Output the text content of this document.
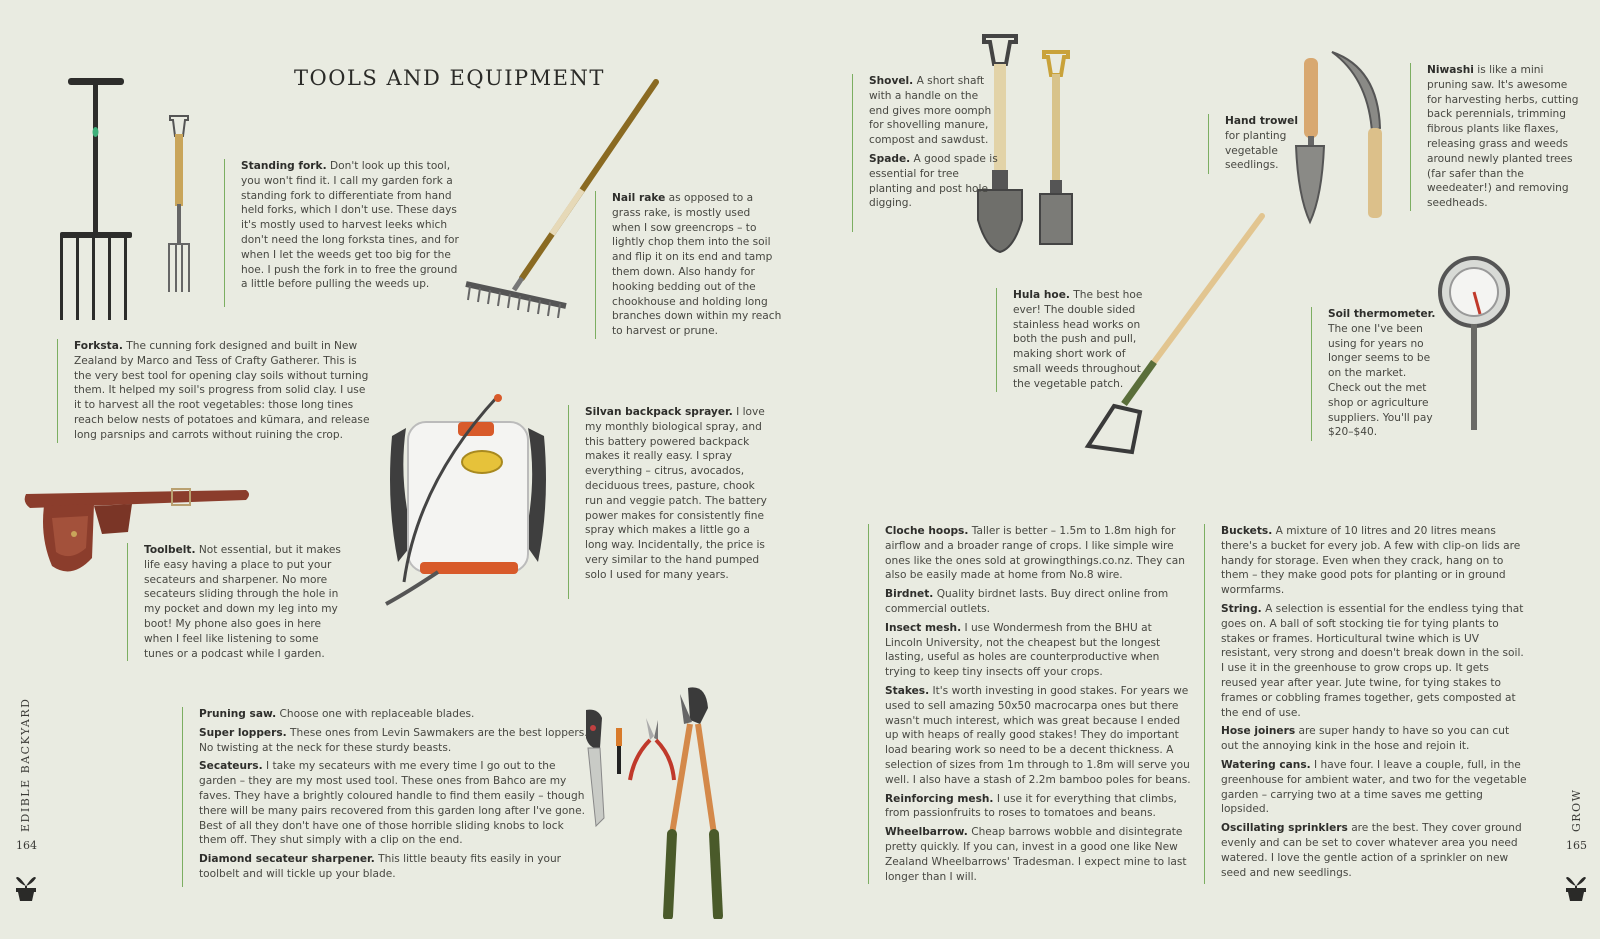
TOOLS AND EQUIPMENT

Standing fork. Don't look up this tool, you won't find it. I call my garden fork a standing fork to differentiate from hand held forks, which I don't use. These days it's mostly used to harvest leeks which don't need the long forksta tines, and for when I let the weeds get too big for the hoe. I push the fork in to free the ground a little before pulling the weeds up.

Nail rake as opposed to a grass rake, is mostly used when I sow greencrops – to lightly chop them into the soil and flip it on its end and tamp them down. Also handy for hooking bedding out of the chookhouse and holding long branches down within my reach to harvest or prune.

Forksta. The cunning fork designed and built in New Zealand by Marco and Tess of Crafty Gatherer. This is the very best tool for opening clay soils without turning them. It helped my soil's progress from solid clay. I use it to harvest all the root vegetables: those long tines reach below nests of potatoes and kūmara, and release long parsnips and carrots without ruining the crop.

Silvan backpack sprayer. I love my monthly biological spray, and this battery powered backpack makes it really easy. I spray everything – citrus, avocados, deciduous trees, pasture, chook run and veggie patch. The battery power makes for consistently fine spray which makes a little go a long way. Incidentally, the price is very similar to the hand pumped solo I used for many years.

Toolbelt. Not essential, but it makes life easy having a place to put your secateurs and sharpener. No more secateurs sliding through the hole in my pocket and down my leg into my boot! My phone also goes in here when I feel like listening to some tunes or a podcast while I garden.

Pruning saw. Choose one with replaceable blades.

Super loppers. These ones from Levin Sawmakers are the best loppers. No twisting at the neck for these sturdy beasts.

Secateurs. I take my secateurs with me every time I go out to the garden – they are my most used tool. These ones from Bahco are my faves. They have a brightly coloured handle to find them easily – though there will be many pairs recovered from this garden long after I've gone. Best of all they don't have one of those horrible sliding knobs to lock them off. They shut simply with a clip on the end.

Diamond secateur sharpener. This little beauty fits easily in your toolbelt and will tickle up your blade.

Shovel. A short shaft with a handle on the end gives more oomph for shovelling manure, compost and sawdust.

Spade. A good spade is essential for tree planting and post hole digging.

Hand trowel for planting vegetable seedlings.

Niwashi is like a mini pruning saw. It's awesome for harvesting herbs, cutting back perennials, trimming fibrous plants like flaxes, releasing grass and weeds around newly planted trees (far safer than the weedeater!) and removing seedheads.

Hula hoe. The best hoe ever! The double sided stainless head works on both the push and pull, making short work of small weeds throughout the vegetable patch.

Soil thermometer. The one I've been using for years no longer seems to be on the market. Check out the met shop or agriculture suppliers. You'll pay $20–$40.

Cloche hoops. Taller is better – 1.5m to 1.8m high for airflow and a broader range of crops. I like simple wire ones like the ones sold at growingthings.co.nz. They can also be easily made at home from No.8 wire.

Birdnet. Quality birdnet lasts. Buy direct online from commercial outlets.

Insect mesh. I use Wondermesh from the BHU at Lincoln University, not the cheapest but the longest lasting, useful as holes are counterproductive when trying to keep tiny insects off your crops.

Stakes. It's worth investing in good stakes. For years we used to sell amazing 50x50 macrocarpa ones but there wasn't much interest, which was great because I ended up with heaps of really good stakes! They do important load bearing work so need to be a decent thickness. A selection of sizes from 1m through to 1.8m will serve you well. I also have a stash of 2.2m bamboo poles for beans.

Reinforcing mesh. I use it for everything that climbs, from passionfruits to roses to tomatoes and beans.

Wheelbarrow. Cheap barrows wobble and disintegrate pretty quickly. If you can, invest in a good one like New Zealand Wheelbarrows' Tradesman. I expect mine to last longer than I will.

Buckets. A mixture of 10 litres and 20 litres means there's a bucket for every job. A few with clip-on lids are handy for storage. Even when they crack, hang on to them – they make good pots for planting or in ground wormfarms.

String. A selection is essential for the endless tying that goes on. A ball of soft stocking tie for tying plants to stakes or frames. Horticultural twine which is UV resistant, very strong and doesn't break down in the soil. I use it in the greenhouse to grow crops up. It gets reused year after year. Jute twine, for tying stakes to frames or cobbling frames together, gets composted at the end of use.

Hose joiners are super handy to have so you can cut out the annoying kink in the hose and rejoin it.

Watering cans. I have four. I leave a couple, full, in the greenhouse for ambient water, and two for the vegetable garden – carrying two at a time saves me getting lopsided.

Oscillating sprinklers are the best. They cover ground evenly and can be set to cover whatever area you need watered. I love the gentle action of a sprinkler on new seed and new seedlings.

EDIBLE BACKYARD
164
GROW
165
